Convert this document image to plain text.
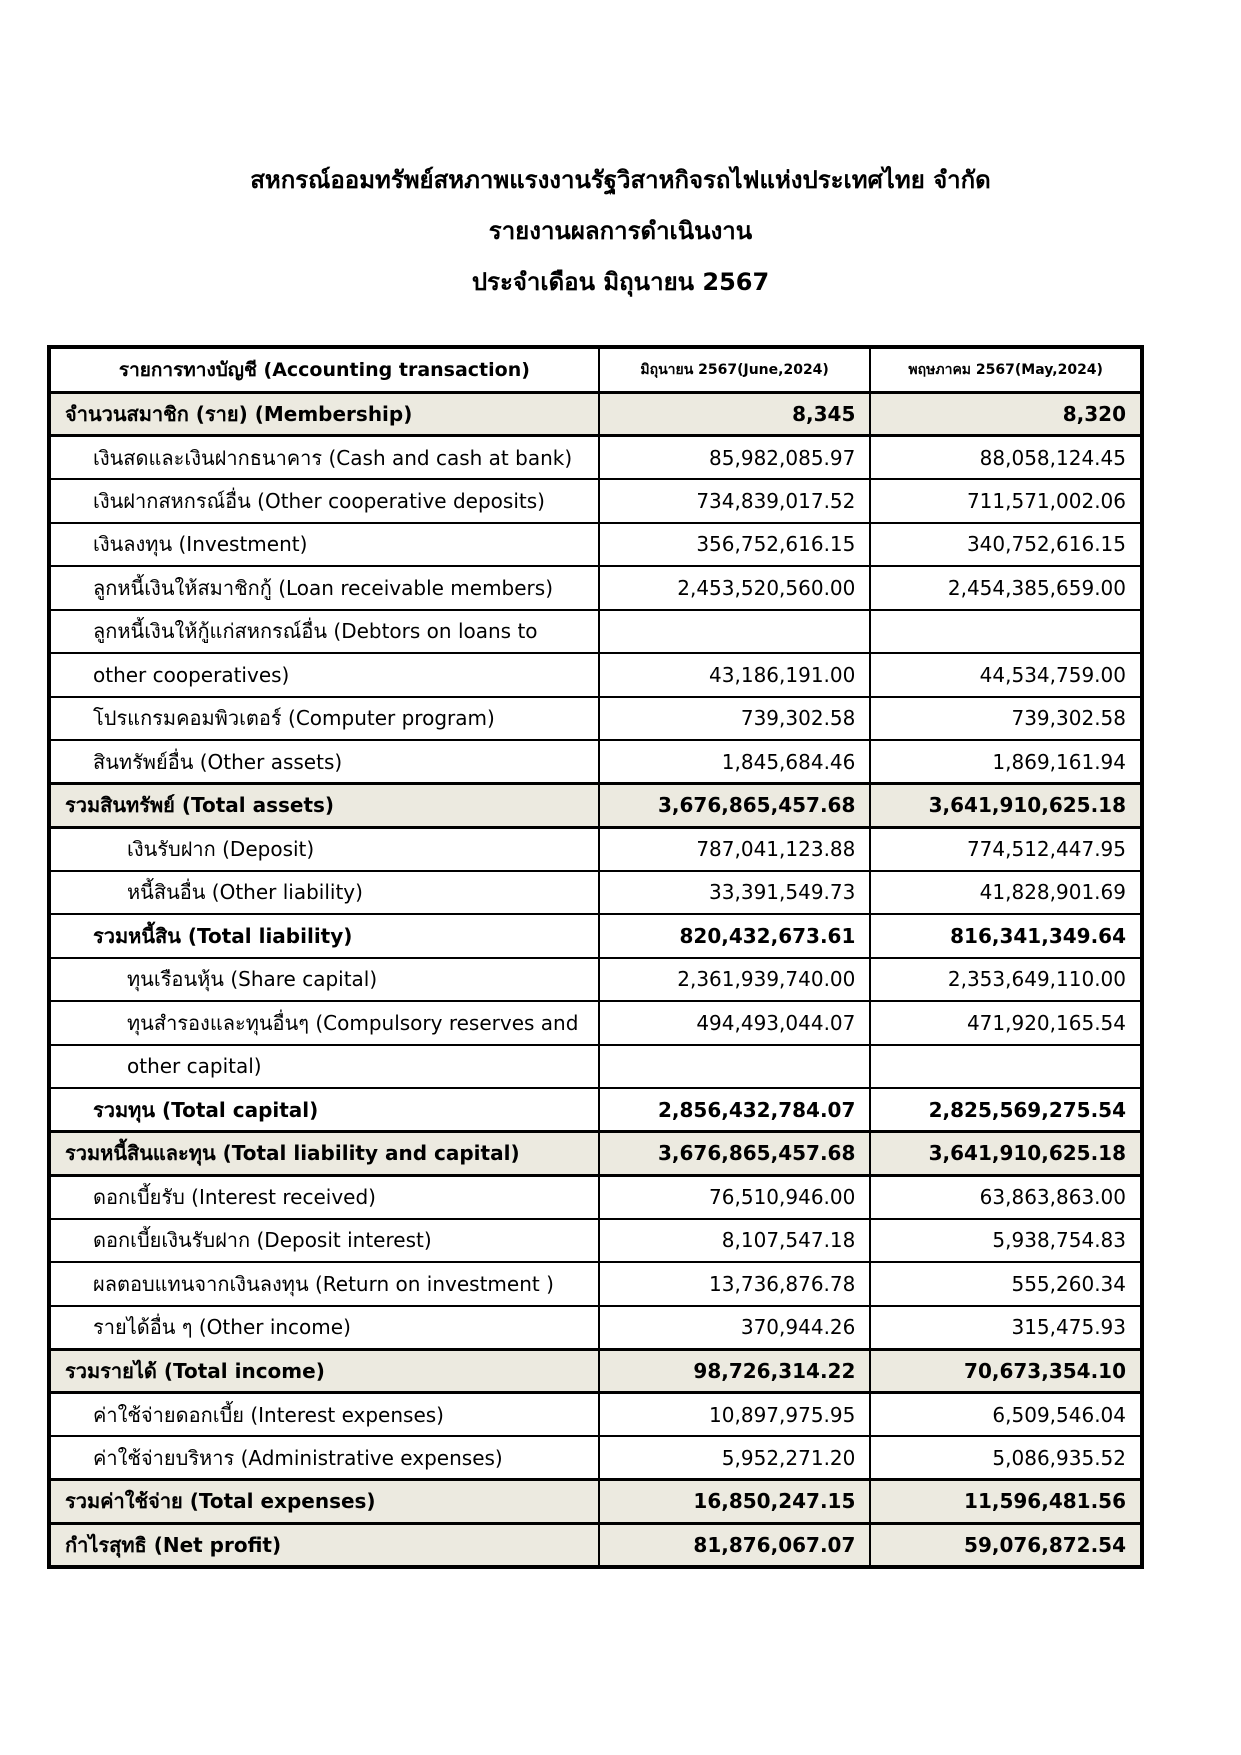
สหกรณ์ออมทรัพย์สหภาพแรงงานรัฐวิสาหกิจรถไฟแห่งประเทศไทย จำกัด
รายงานผลการดำเนินงาน
ประจำเดือน มิถุนายน 2567
รายการทางบัญชี (Accounting transaction)	มิถุนายน 2567(June,2024)	พฤษภาคม 2567(May,2024)
จำนวนสมาชิก (ราย) (Membership)	8,345	8,320
เงินสดและเงินฝากธนาคาร (Cash and cash at bank)	85,982,085.97	88,058,124.45
เงินฝากสหกรณ์อื่น (Other cooperative deposits)	734,839,017.52	711,571,002.06
เงินลงทุน (Investment)	356,752,616.15	340,752,616.15
ลูกหนี้เงินให้สมาชิกกู้ (Loan receivable members)	2,453,520,560.00	2,454,385,659.00
ลูกหนี้เงินให้กู้แก่สหกรณ์อื่น (Debtors on loans to		
other cooperatives)	43,186,191.00	44,534,759.00
โปรแกรมคอมพิวเตอร์ (Computer program)	739,302.58	739,302.58
สินทรัพย์อื่น (Other assets)	1,845,684.46	1,869,161.94
รวมสินทรัพย์ (Total assets)	3,676,865,457.68	3,641,910,625.18
เงินรับฝาก (Deposit)	787,041,123.88	774,512,447.95
หนี้สินอื่น (Other liability)	33,391,549.73	41,828,901.69
รวมหนี้สิน (Total liability)	820,432,673.61	816,341,349.64
ทุนเรือนหุ้น (Share capital)	2,361,939,740.00	2,353,649,110.00
ทุนสำรองและทุนอื่นๆ (Compulsory reserves and	494,493,044.07	471,920,165.54
other capital)		
รวมทุน (Total capital)	2,856,432,784.07	2,825,569,275.54
รวมหนี้สินและทุน (Total liability and capital)	3,676,865,457.68	3,641,910,625.18
ดอกเบี้ยรับ (Interest received)	76,510,946.00	63,863,863.00
ดอกเบี้ยเงินรับฝาก (Deposit interest)	8,107,547.18	5,938,754.83
ผลตอบแทนจากเงินลงทุน (Return on investment )	13,736,876.78	555,260.34
รายได้อื่น ๆ (Other income)	370,944.26	315,475.93
รวมรายได้ (Total income)	98,726,314.22	70,673,354.10
ค่าใช้จ่ายดอกเบี้ย (Interest expenses)	10,897,975.95	6,509,546.04
ค่าใช้จ่ายบริหาร (Administrative expenses)	5,952,271.20	5,086,935.52
รวมค่าใช้จ่าย (Total expenses)	16,850,247.15	11,596,481.56
กำไรสุทธิ (Net profit)	81,876,067.07	59,076,872.54
